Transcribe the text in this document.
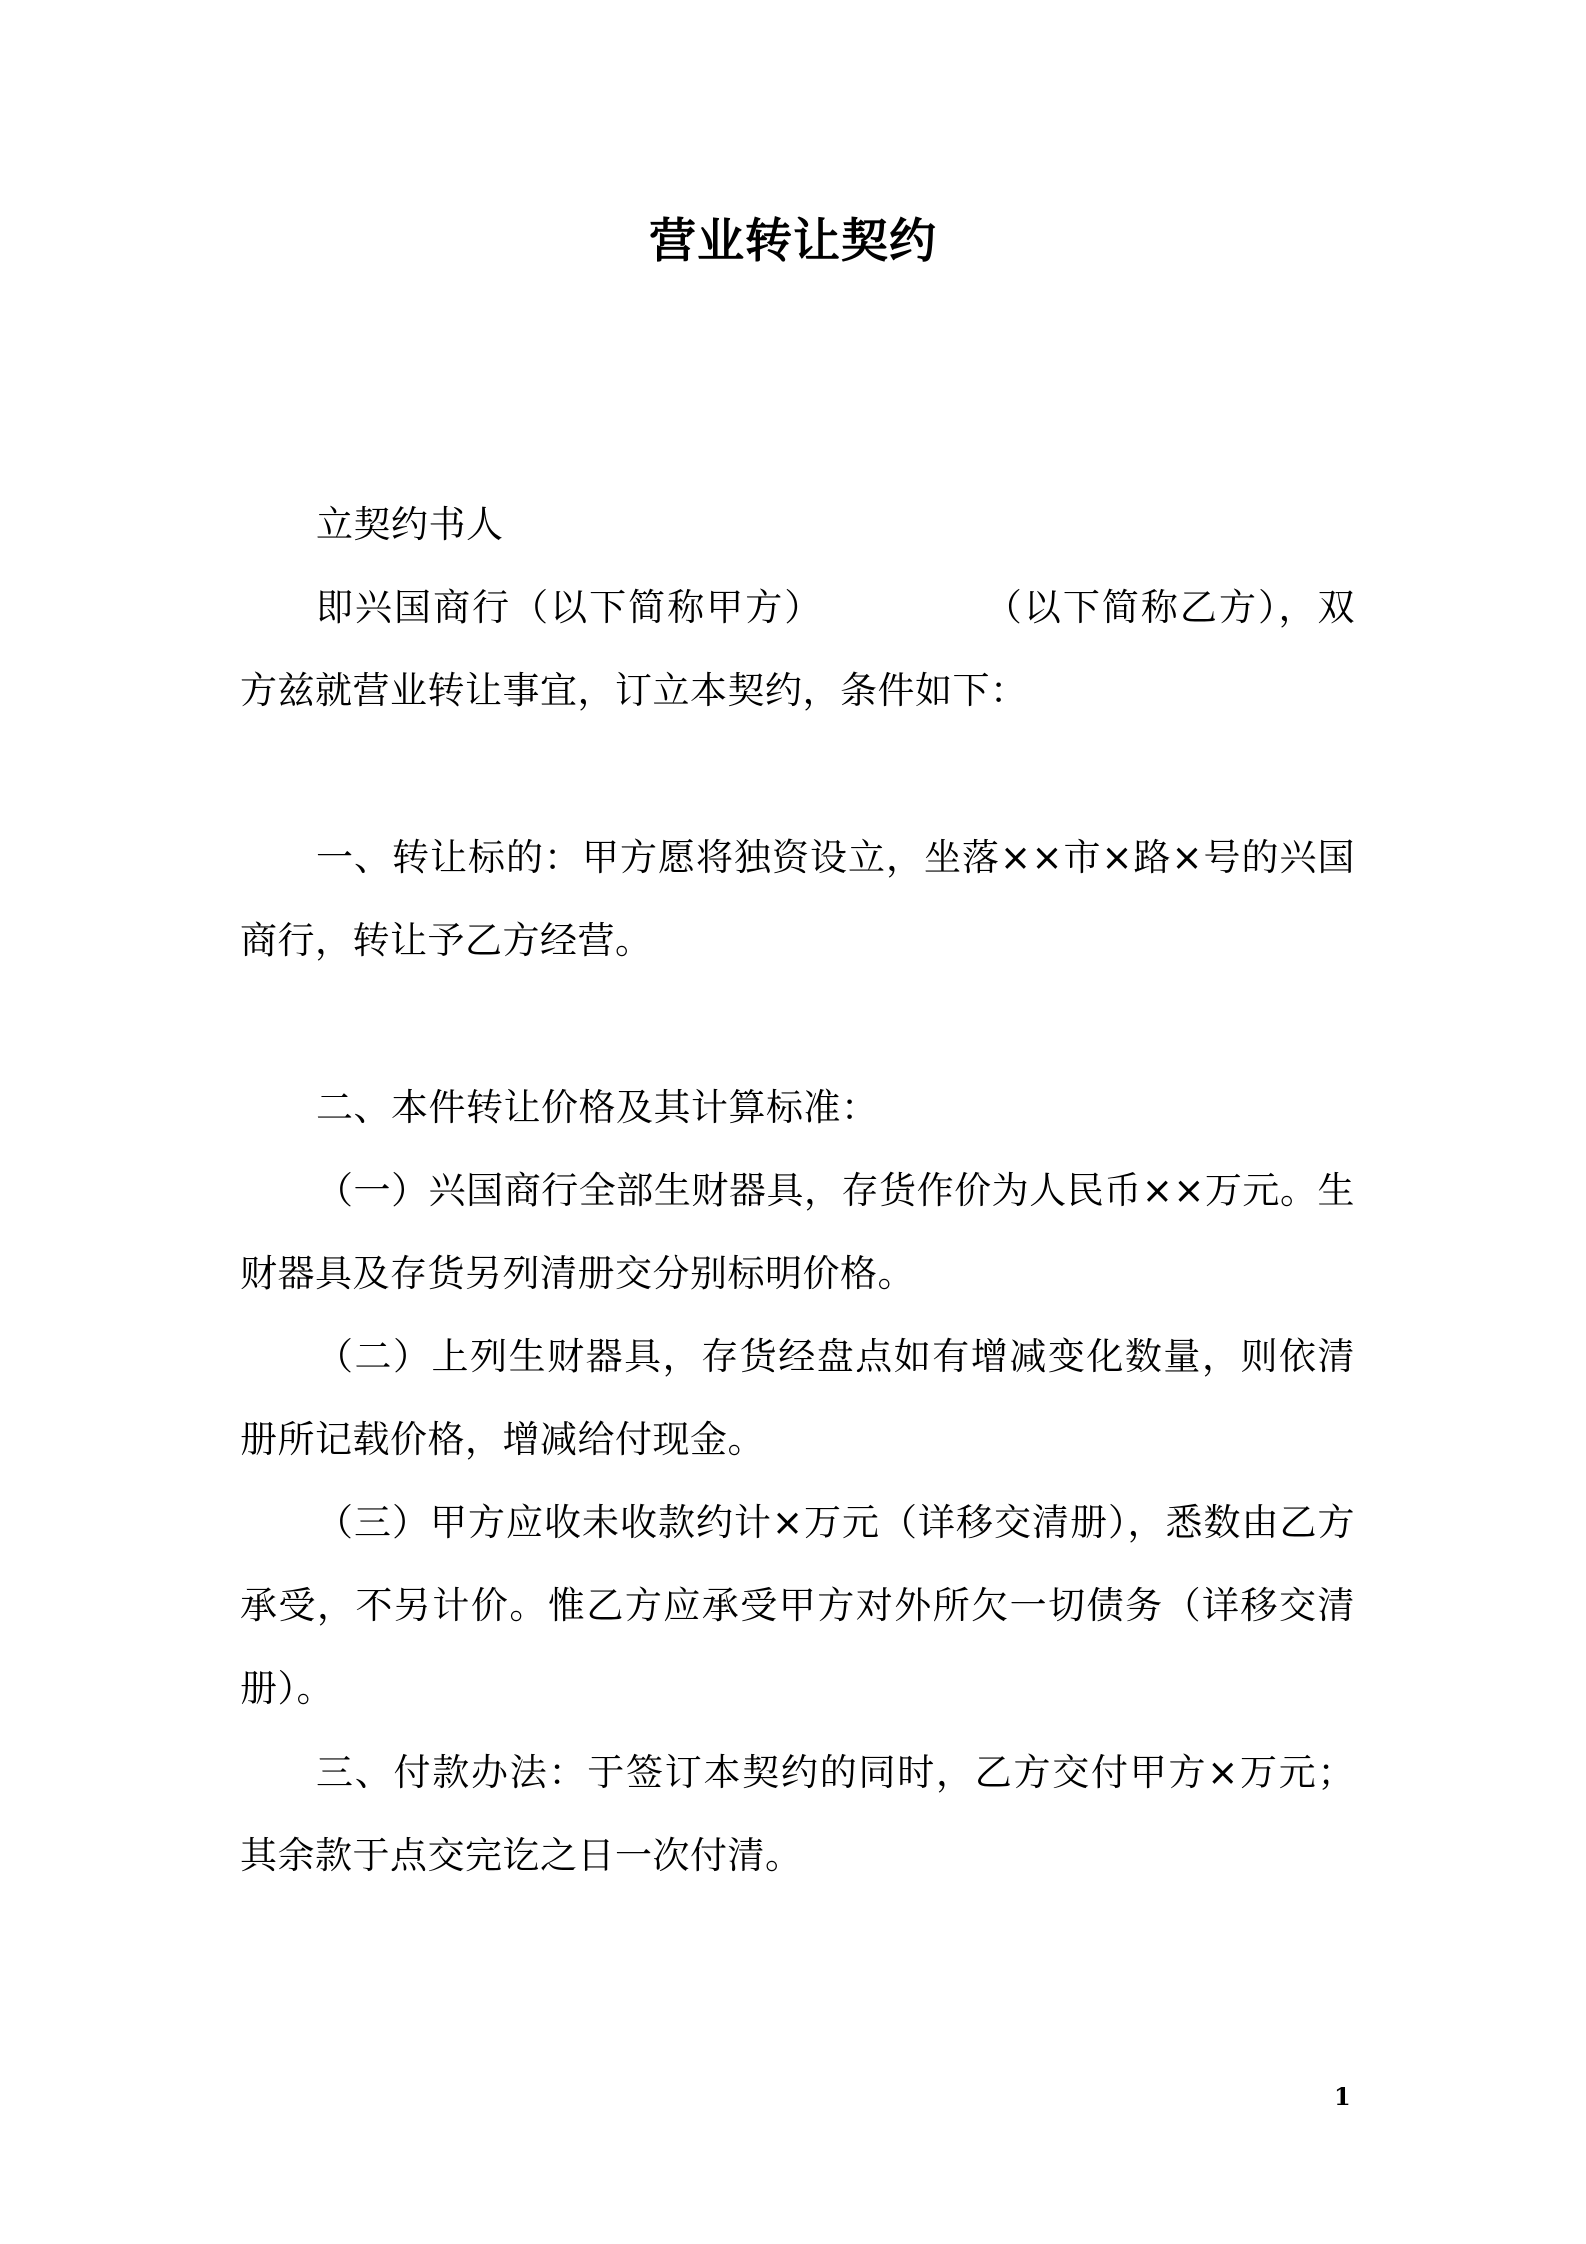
营业转让契约

立契约书人

即兴国商行（以下简称甲方）	（以下简称乙方），双方兹就营业转让事宜，订立本契约，条件如下：

一、转让标的：甲方愿将独资设立，坐落××市×路×号的兴国商行，转让予乙方经营。

二、本件转让价格及其计算标准：

（一）兴国商行全部生财器具，存货作价为人民币××万元。生财器具及存货另列清册交分别标明价格。

（二）上列生财器具，存货经盘点如有增减变化数量，则依清册所记载价格，增减给付现金。

（三）甲方应收未收款约计×万元（详移交清册），悉数由乙方承受，不另计价。惟乙方应承受甲方对外所欠一切债务（详移交清册）。

三、付款办法：于签订本契约的同时，乙方交付甲方×万元；其余款于点交完讫之日一次付清。

1
